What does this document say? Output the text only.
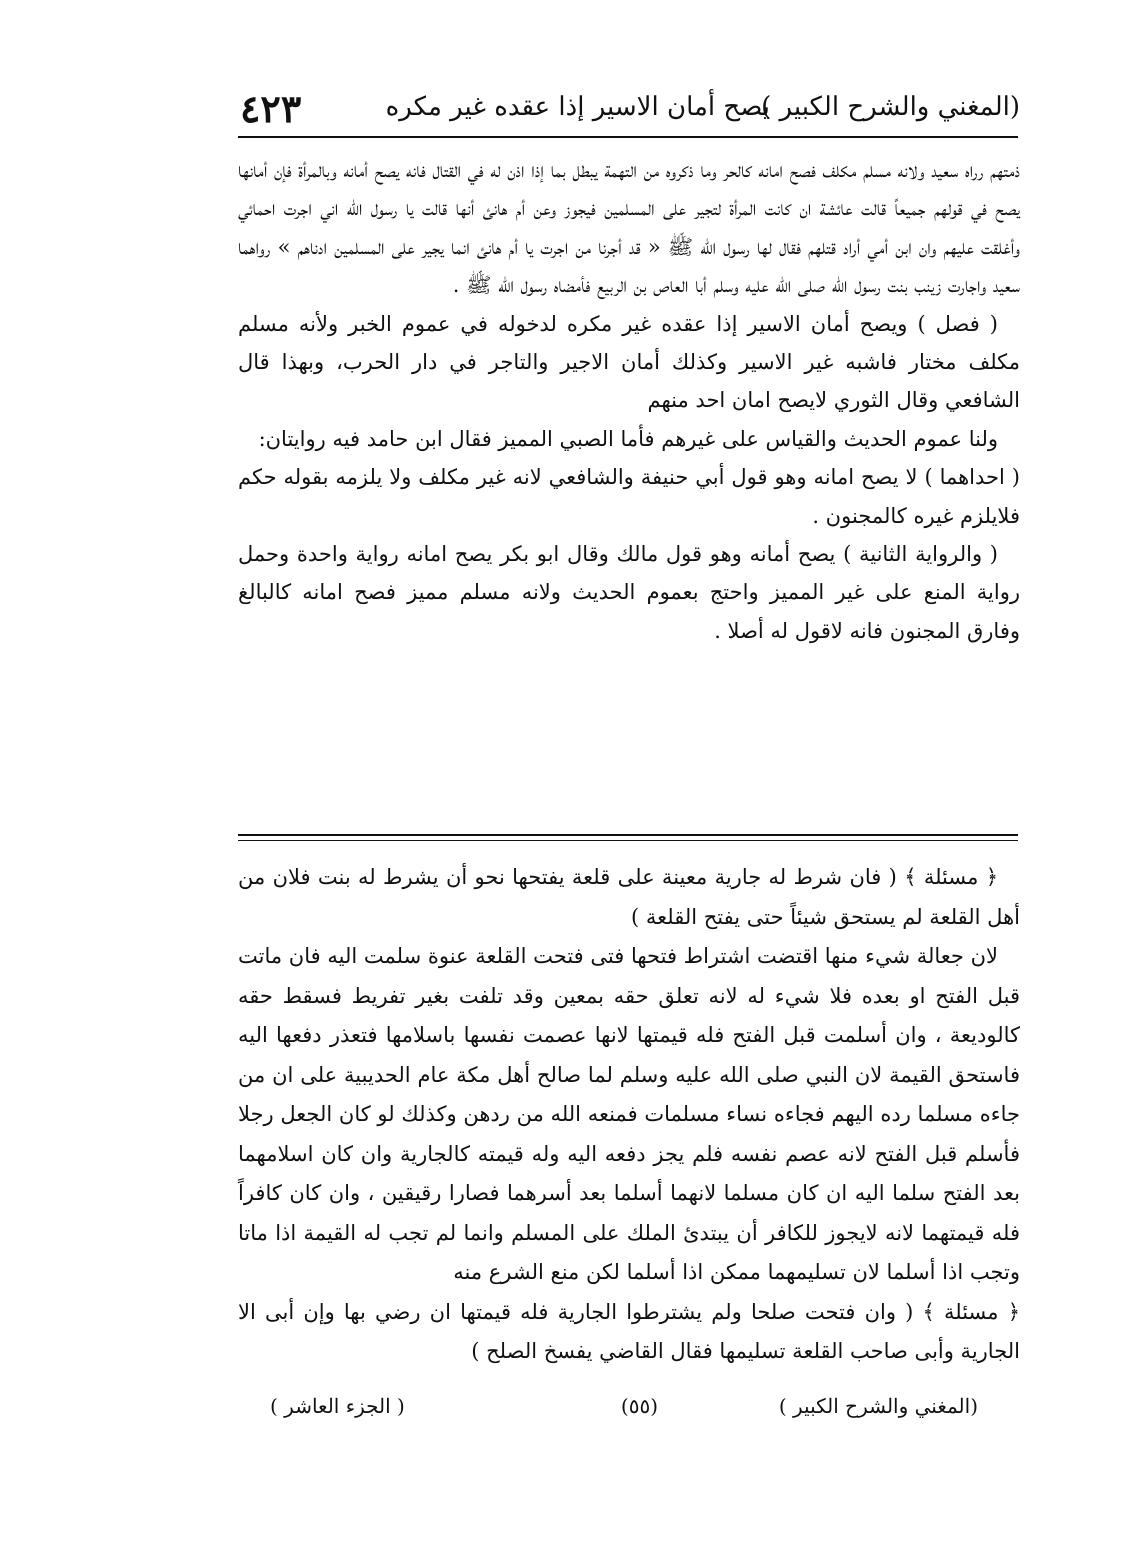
(المغني والشرح الكبير )
يصح أمان الاسير إذا عقده غير مكره
٤٢٣

ذمتهم رراه سعيد ولانه مسلم مكلف فصح امانه كالحر وما ذكروه من التهمة يبطل بما إذا اذن له في القتال فانه يصح أمانه وبالمرأة فإن أمانها يصح في قولهم جميعاً قالت عائشة ان كانت المرأة لتجير على المسلمين فيجوز وعن أم هانئ أنها قالت يا رسول الله اني اجرت احمائي وأغلقت عليهم وان ابن أمي أراد قتلهم فقال لها رسول الله ﷺ « قد أجرنا من اجرت يا أم هانئ انما يجير على المسلمين ادناهم » رواهما سعيد واجارت زينب بنت رسول الله صلى الله عليه وسلم أبا العاص بن الربيع فأمضاه رسول الله ﷺ .

( فصل ) ويصح أمان الاسير إذا عقده غير مكره لدخوله في عموم الخبر ولأنه مسلم مكلف مختار فاشبه غير الاسير وكذلك أمان الاجير والتاجر في دار الحرب، وبهذا قال الشافعي وقال الثوري لايصح امان احد منهم

ولنا عموم الحديث والقياس على غيرهم فأما الصبي المميز فقال ابن حامد فيه روايتان:

( احداهما ) لا يصح امانه وهو قول أبي حنيفة والشافعي لانه غير مكلف ولا يلزمه بقوله حكم فلايلزم غيره كالمجنون .

( والرواية الثانية ) يصح أمانه وهو قول مالك وقال ابو بكر يصح امانه رواية واحدة وحمل رواية المنع على غير المميز واحتج بعموم الحديث ولانه مسلم مميز فصح امانه كالبالغ وفارق المجنون فانه لاقول له أصلا .

﴿ مسئلة ﴾ ( فان شرط له جارية معينة على قلعة يفتحها نحو أن يشرط له بنت فلان من أهل القلعة لم يستحق شيئاً حتى يفتح القلعة )

لان جعالة شيء منها اقتضت اشتراط فتحها فتى فتحت القلعة عنوة سلمت اليه فان ماتت قبل الفتح او بعده فلا شيء له لانه تعلق حقه بمعين وقد تلفت بغير تفريط فسقط حقه كالوديعة ، وان أسلمت قبل الفتح فله قيمتها لانها عصمت نفسها باسلامها فتعذر دفعها اليه فاستحق القيمة لان النبي صلى الله عليه وسلم لما صالح أهل مكة عام الحديبية على ان من جاءه مسلما رده اليهم فجاءه نساء مسلمات فمنعه الله من ردهن وكذلك لو كان الجعل رجلا فأسلم قبل الفتح لانه عصم نفسه فلم يجز دفعه اليه وله قيمته كالجارية وان كان اسلامهما بعد الفتح سلما اليه ان كان مسلما لانهما أسلما بعد أسرهما فصارا رقيقين ، وان كان كافراً فله قيمتهما لانه لايجوز للكافر أن يبتدئ الملك على المسلم وانما لم تجب له القيمة اذا ماتا وتجب اذا أسلما لان تسليمهما ممكن اذا أسلما لكن منع الشرع منه

﴿ مسئلة ﴾ ( وان فتحت صلحا ولم يشترطوا الجارية فله قيمتها ان رضي بها وإن أبى الا الجارية وأبى صاحب القلعة تسليمها فقال القاضي يفسخ الصلح )

(المغني والشرح الكبير )
(٥٥)
( الجزء العاشر )
